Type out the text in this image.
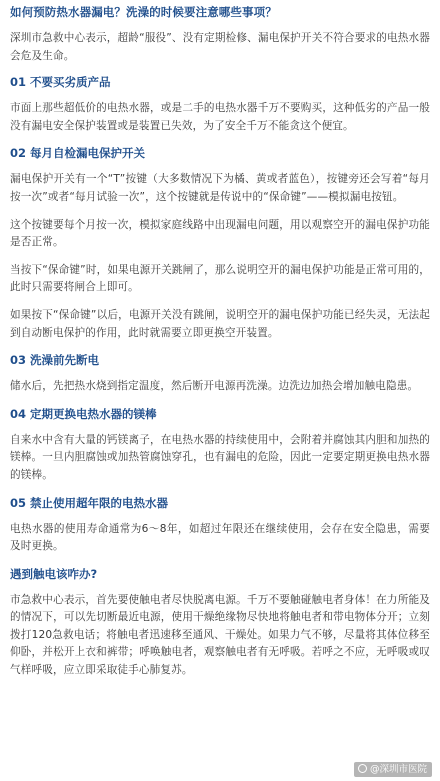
如何预防热水器漏电？洗澡的时候要注意哪些事项？
深圳市急救中心表示，超龄“服役”、没有定期检修、漏电保护开关不符合要求的电热水器会危及生命。
01 不要买劣质产品
市面上那些超低价的电热水器，或是二手的电热水器千万不要购买，这种低劣的产品一般没有漏电安全保护装置或是装置已失效，为了安全千万不能贪这个便宜。
02 每月自检漏电保护开关
漏电保护开关有一个“T”按键（大多数情况下为橘、黄或者蓝色），按键旁还会写着“每月按一次”或者“每月试验一次”，这个按键就是传说中的“保命键”——模拟漏电按钮。
这个按键要每个月按一次，模拟家庭线路中出现漏电问题，用以观察空开的漏电保护功能是否正常。
当按下“保命键”时，如果电源开关跳闸了，那么说明空开的漏电保护功能是正常可用的，此时只需要将闸合上即可。
如果按下“保命键”以后，电源开关没有跳闸，说明空开的漏电保护功能已经失灵，无法起到自动断电保护的作用，此时就需要立即更换空开装置。
03 洗澡前先断电
储水后，先把热水烧到指定温度，然后断开电源再洗澡。边洗边加热会增加触电隐患。
04 定期更换电热水器的镁棒
自来水中含有大量的钙镁离子，在电热水器的持续使用中，会附着并腐蚀其内胆和加热的镁棒。一旦内胆腐蚀或加热管腐蚀穿孔，也有漏电的危险，因此一定要定期更换电热水器的镁棒。
05 禁止使用超年限的电热水器
电热水器的使用寿命通常为6～8年，如超过年限还在继续使用，会存在安全隐患，需要及时更换。
遇到触电该咋办?
市急救中心表示，首先要使触电者尽快脱离电源。千万不要触碰触电者身体！在力所能及的情况下，可以先切断最近电源，使用干燥绝缘物尽快地将触电者和带电物体分开；立刻拨打120急救电话；将触电者迅速移至通风、干燥处。如果力气不够，尽量将其体位移至仰卧，并松开上衣和裤带；呼唤触电者，观察触电者有无呼吸。若呼之不应，无呼吸或叹气样呼吸，应立即采取徒手心肺复苏。
@深圳市医院
